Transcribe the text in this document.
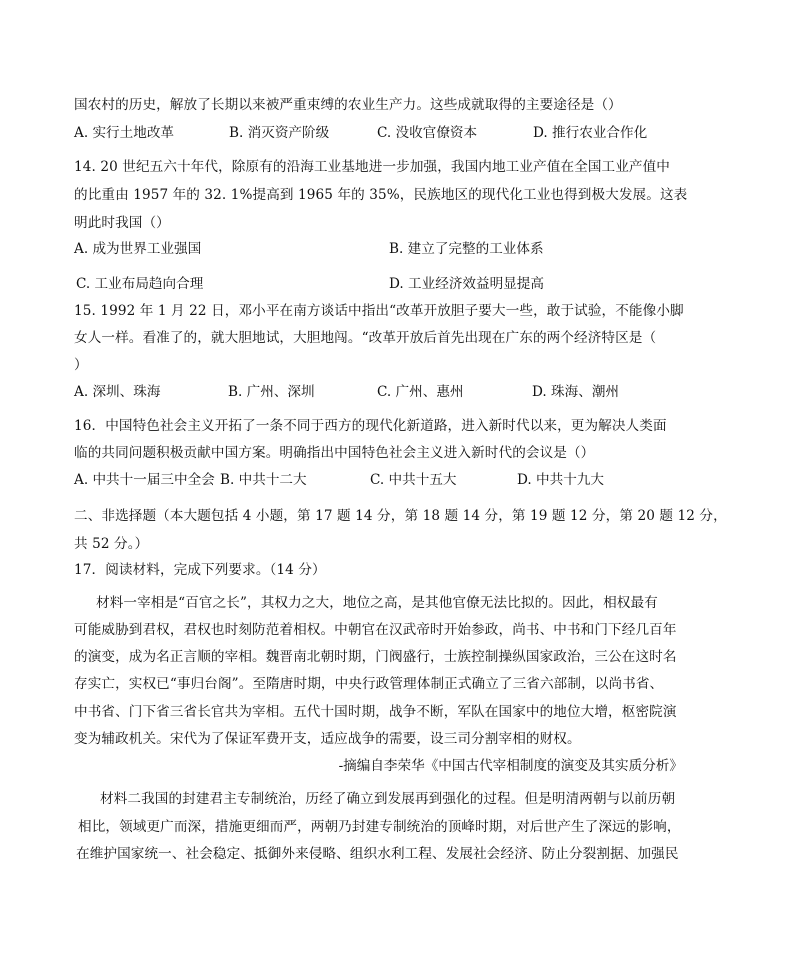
国农村的历史，解放了长期以来被严重束缚的农业生产力。这些成就取得的主要途径是（）
A. 实行土地改革	B. 消灭资产阶级	C. 没收官僚资本	D. 推行农业合作化
14. 20 世纪五六十年代，除原有的沿海工业基地进一步加强，我国内地工业产值在全国工业产值中
的比重由 1957 年的 32. 1%提高到 1965 年的 35%，民族地区的现代化工业也得到极大发展。这表
明此时我国（）
A. 成为世界工业强国	B. 建立了完整的工业体系
C. 工业布局趋向合理	D. 工业经济效益明显提高
15. 1992 年 1 月 22 日，邓小平在南方谈话中指出“改革开放胆子要大一些，敢于试验，不能像小脚
女人一样。看准了的，就大胆地试，大胆地闯。“改革开放后首先出现在广东的两个经济特区是（
）
A. 深圳、珠海	B. 广州、深圳	C. 广州、惠州	D. 珠海、潮州
16．中国特色社会主义开拓了一条不同于西方的现代化新道路，进入新时代以来，更为解决人类面
临的共同问题积极贡献中国方案。明确指出中国特色社会主义进入新时代的会议是（）
A. 中共十一届三中全会 B. 中共十二大	C. 中共十五大	D. 中共十九大
二、非选择题（本大题包括 4 小题，第 17 题 14 分，第 18 题 14 分，第 19 题 12 分，第 20 题 12 分，
共 52 分。）
17．阅读材料，完成下列要求。（14 分）
材料一宰相是“百官之长”，其权力之大，地位之高，是其他官僚无法比拟的。因此，相权最有
可能威胁到君权，君权也时刻防范着相权。中朝官在汉武帝时开始参政，尚书、中书和门下经几百年
的演变，成为名正言顺的宰相。魏晋南北朝时期，门阀盛行，士族控制操纵国家政治，三公在这时名
存实亡，实权已“事归台阁”。至隋唐时期，中央行政管理体制正式确立了三省六部制，以尚书省、
中书省、门下省三省长官共为宰相。五代十国时期，战争不断，军队在国家中的地位大增，枢密院演
变为辅政机关。宋代为了保证军费开支，适应战争的需要，设三司分割宰相的财权。
-摘编自李荣华《中国古代宰相制度的演变及其实质分析》
材料二我国的封建君主专制统治，历经了确立到发展再到强化的过程。但是明清两朝与以前历朝
相比，领域更广而深，措施更细而严，两朝乃封建专制统治的顶峰时期，对后世产生了深远的影响，
在维护国家统一、社会稳定、抵御外来侵略、组织水利工程、发展社会经济、防止分裂割据、加强民
